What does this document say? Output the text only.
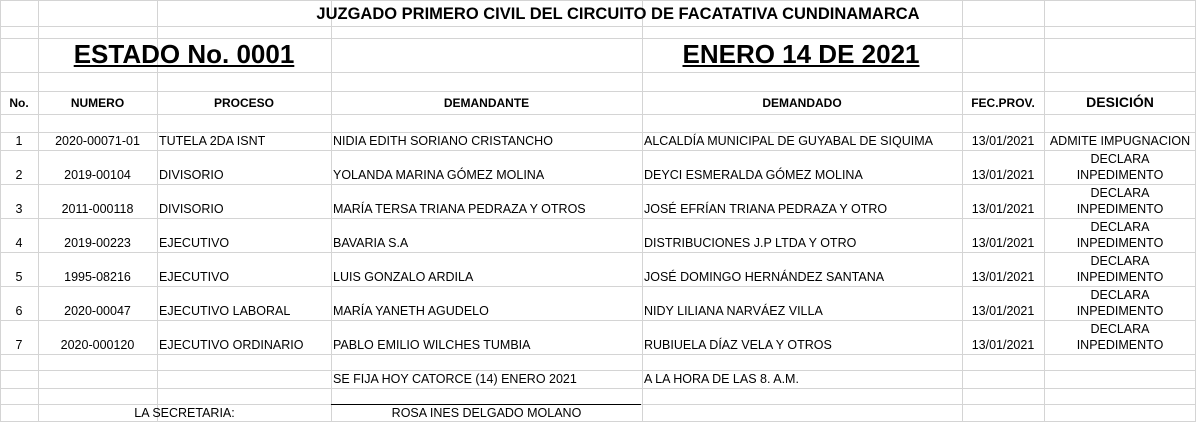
JUZGADO PRIMERO CIVIL DEL CIRCUITO DE FACATATIVA CUNDINAMARCA
ESTADO No. 0001	ENERO 14 DE 2021
No.	NUMERO	PROCESO	DEMANDANTE	DEMANDADO	FEC.PROV.	DESICIÓN
1	2020-00071-01	TUTELA 2DA ISNT	NIDIA EDITH SORIANO CRISTANCHO	ALCALDÍA MUNICIPAL DE GUYABAL DE SIQUIMA	13/01/2021	ADMITE IMPUGNACION
2	2019-00104	DIVISORIO	YOLANDA MARINA GÓMEZ MOLINA	DEYCI ESMERALDA GÓMEZ MOLINA	13/01/2021
DECLARA
INPEDIMENTO
3	2011-000118	DIVISORIO	MARÍA TERSA TRIANA PEDRAZA Y OTROS	JOSÉ EFRÍAN TRIANA PEDRAZA Y OTRO	13/01/2021
DECLARA
INPEDIMENTO
4	2019-00223	EJECUTIVO	BAVARIA S.A	DISTRIBUCIONES J.P LTDA Y OTRO	13/01/2021
DECLARA
INPEDIMENTO
5	1995-08216	EJECUTIVO	LUIS GONZALO ARDILA	JOSÉ DOMINGO HERNÁNDEZ SANTANA	13/01/2021
DECLARA
INPEDIMENTO
6	2020-00047	EJECUTIVO LABORAL	MARÍA YANETH AGUDELO	NIDY LILIANA NARVÁEZ VILLA	13/01/2021
DECLARA
INPEDIMENTO
7	2020-000120	EJECUTIVO ORDINARIO	PABLO EMILIO WILCHES TUMBIA	RUBIUELA DÍAZ VELA Y OTROS	13/01/2021
DECLARA
INPEDIMENTO
SE FIJA HOY CATORCE (14) ENERO 2021	A LA HORA DE LAS 8. A.M.
LA SECRETARIA:	ROSA INES DELGADO MOLANO
